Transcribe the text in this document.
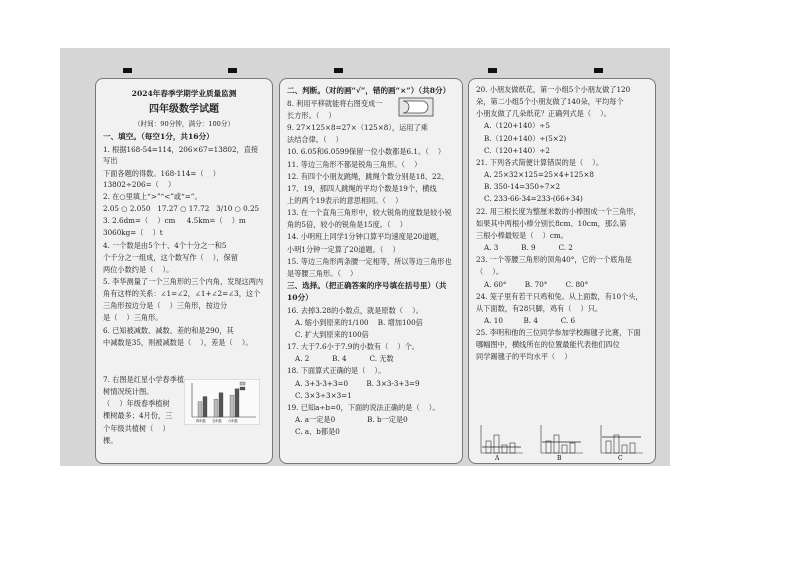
2024年春季学期学业质量监测
四年级数学试题
（时间：90分钟，满分：100分）
一、填空。（每空1分，共16分）
1. 根据168-54=114，206×67=13802，直接写出
下面各题的得数。168-114=（    ）     13802÷206=（    ）
2. 在○里填上“>”“<”或“=”。
2.05 ○ 2.050   17.27 ○ 17.72   3/10 ○ 0.25
3. 2.6dm=（    ）cm     4.5km=（    ）m
3060kg=（    ）t
4. 一个数是由5个十、4个十分之一和5
个千分之一组成，这个数写作（    ），保留
两位小数约是（    ）。
5. 李华测量了一个三角形的三个内角，发现这两内
角有这样的关系：∠1=∠2，∠1+∠2=∠3，这个
三角形按边分是（    ）三角形，按边分
是（    ）三角形。
6. 已知被减数、减数、差的和是290，其
中减数是35，则被减数是（    ），差是（    ）。
7. 右图是红星小学春季植
树情况统计图。
（    ）年级春季植树
棵树最多；4月份，三
个年级共植树（    ）
棵。
四年级 五年级 六年级
二、判断。（对的画“√”，错的画“×”）（共8分）
8. 利用平移就能将右图变成一
长方形。（    ）
9. 27×125×8=27×（125×8），运用了乘
法结合律。（    ）
10. 6.05和6.0599保留一位小数都是6.1。（    ）
11. 等边三角形不都是锐角三角形。（    ）
12. 有四个小朋友跳绳，跳绳个数分别是18、22、
17、19，那四人跳绳的平均个数是19个，横线
上的两个19表示的意思相同。（    ）
13. 在一个直角三角形中，较大锐角的度数是较小锐
角的5倍，较小的锐角是15度。（    ）
14. 小明班上同学1分钟口算平均速度是20道题，
小明1分钟一定算了20道题。（    ）
15. 等边三角形两条腰一定相等，所以等边三角形也
是等腰三角形。（    ）
三、选择。（把正确答案的序号填在括号里）（共10分）
16. 去掉3.28的小数点，就是原数（    ）。
A. 缩小到原来的1/100    B. 增加100倍
C. 扩大到原来的100倍
17. 大于7.6小于7.9的小数有（    ）个。
A. 2          B. 4          C. 无数
18. 下面算式正确的是（    ）。
A. 3+3-3+3=0        B. 3×3-3+3=9
C. 3×3÷3×3=1
19. 已知a÷b=0，下面的说法正确的是（    ）。
A. a一定是0              B. b一定是0
C. a、b都是0
20. 小朋友做纸花，第一小组5个小朋友做了120
朵，第二小组5个小朋友做了140朵，平均每个
小朋友做了几朵纸花？正确列式是（    ）。
A.（120+140）÷5
B.（120+140）÷(5×2)
C.（120+140）÷2
21. 下列各式简便计算错误的是（    ）。
A. 25×32×125=25×4+125×8
B. 350-14=350÷7×2
C. 233-66-34=233-(66+34)
22. 用三根长度为整厘米数的小棒围成一个三角形，
如果其中两根小棒分别长8cm、10cm，那么第
三根小棒最短是（    ）cm。
A. 3          B. 9          C. 2
23. 一个等腰三角形的顶角40°，它的一个底角是
（    ）。
A. 60°        B. 70°        C. 80°
24. 笼子里有若干只鸡和兔。从上面数，有10个头，
从下面数，有28只脚，鸡有（    ）只。
A. 10         B. 4          C. 6
25. 李明和他的三位同学参加学校踢毽子比赛，下面
哪幅图中，横线所在的位置最能代表他们四位
同学踢毽子的平均水平（    ）
A	B	C
